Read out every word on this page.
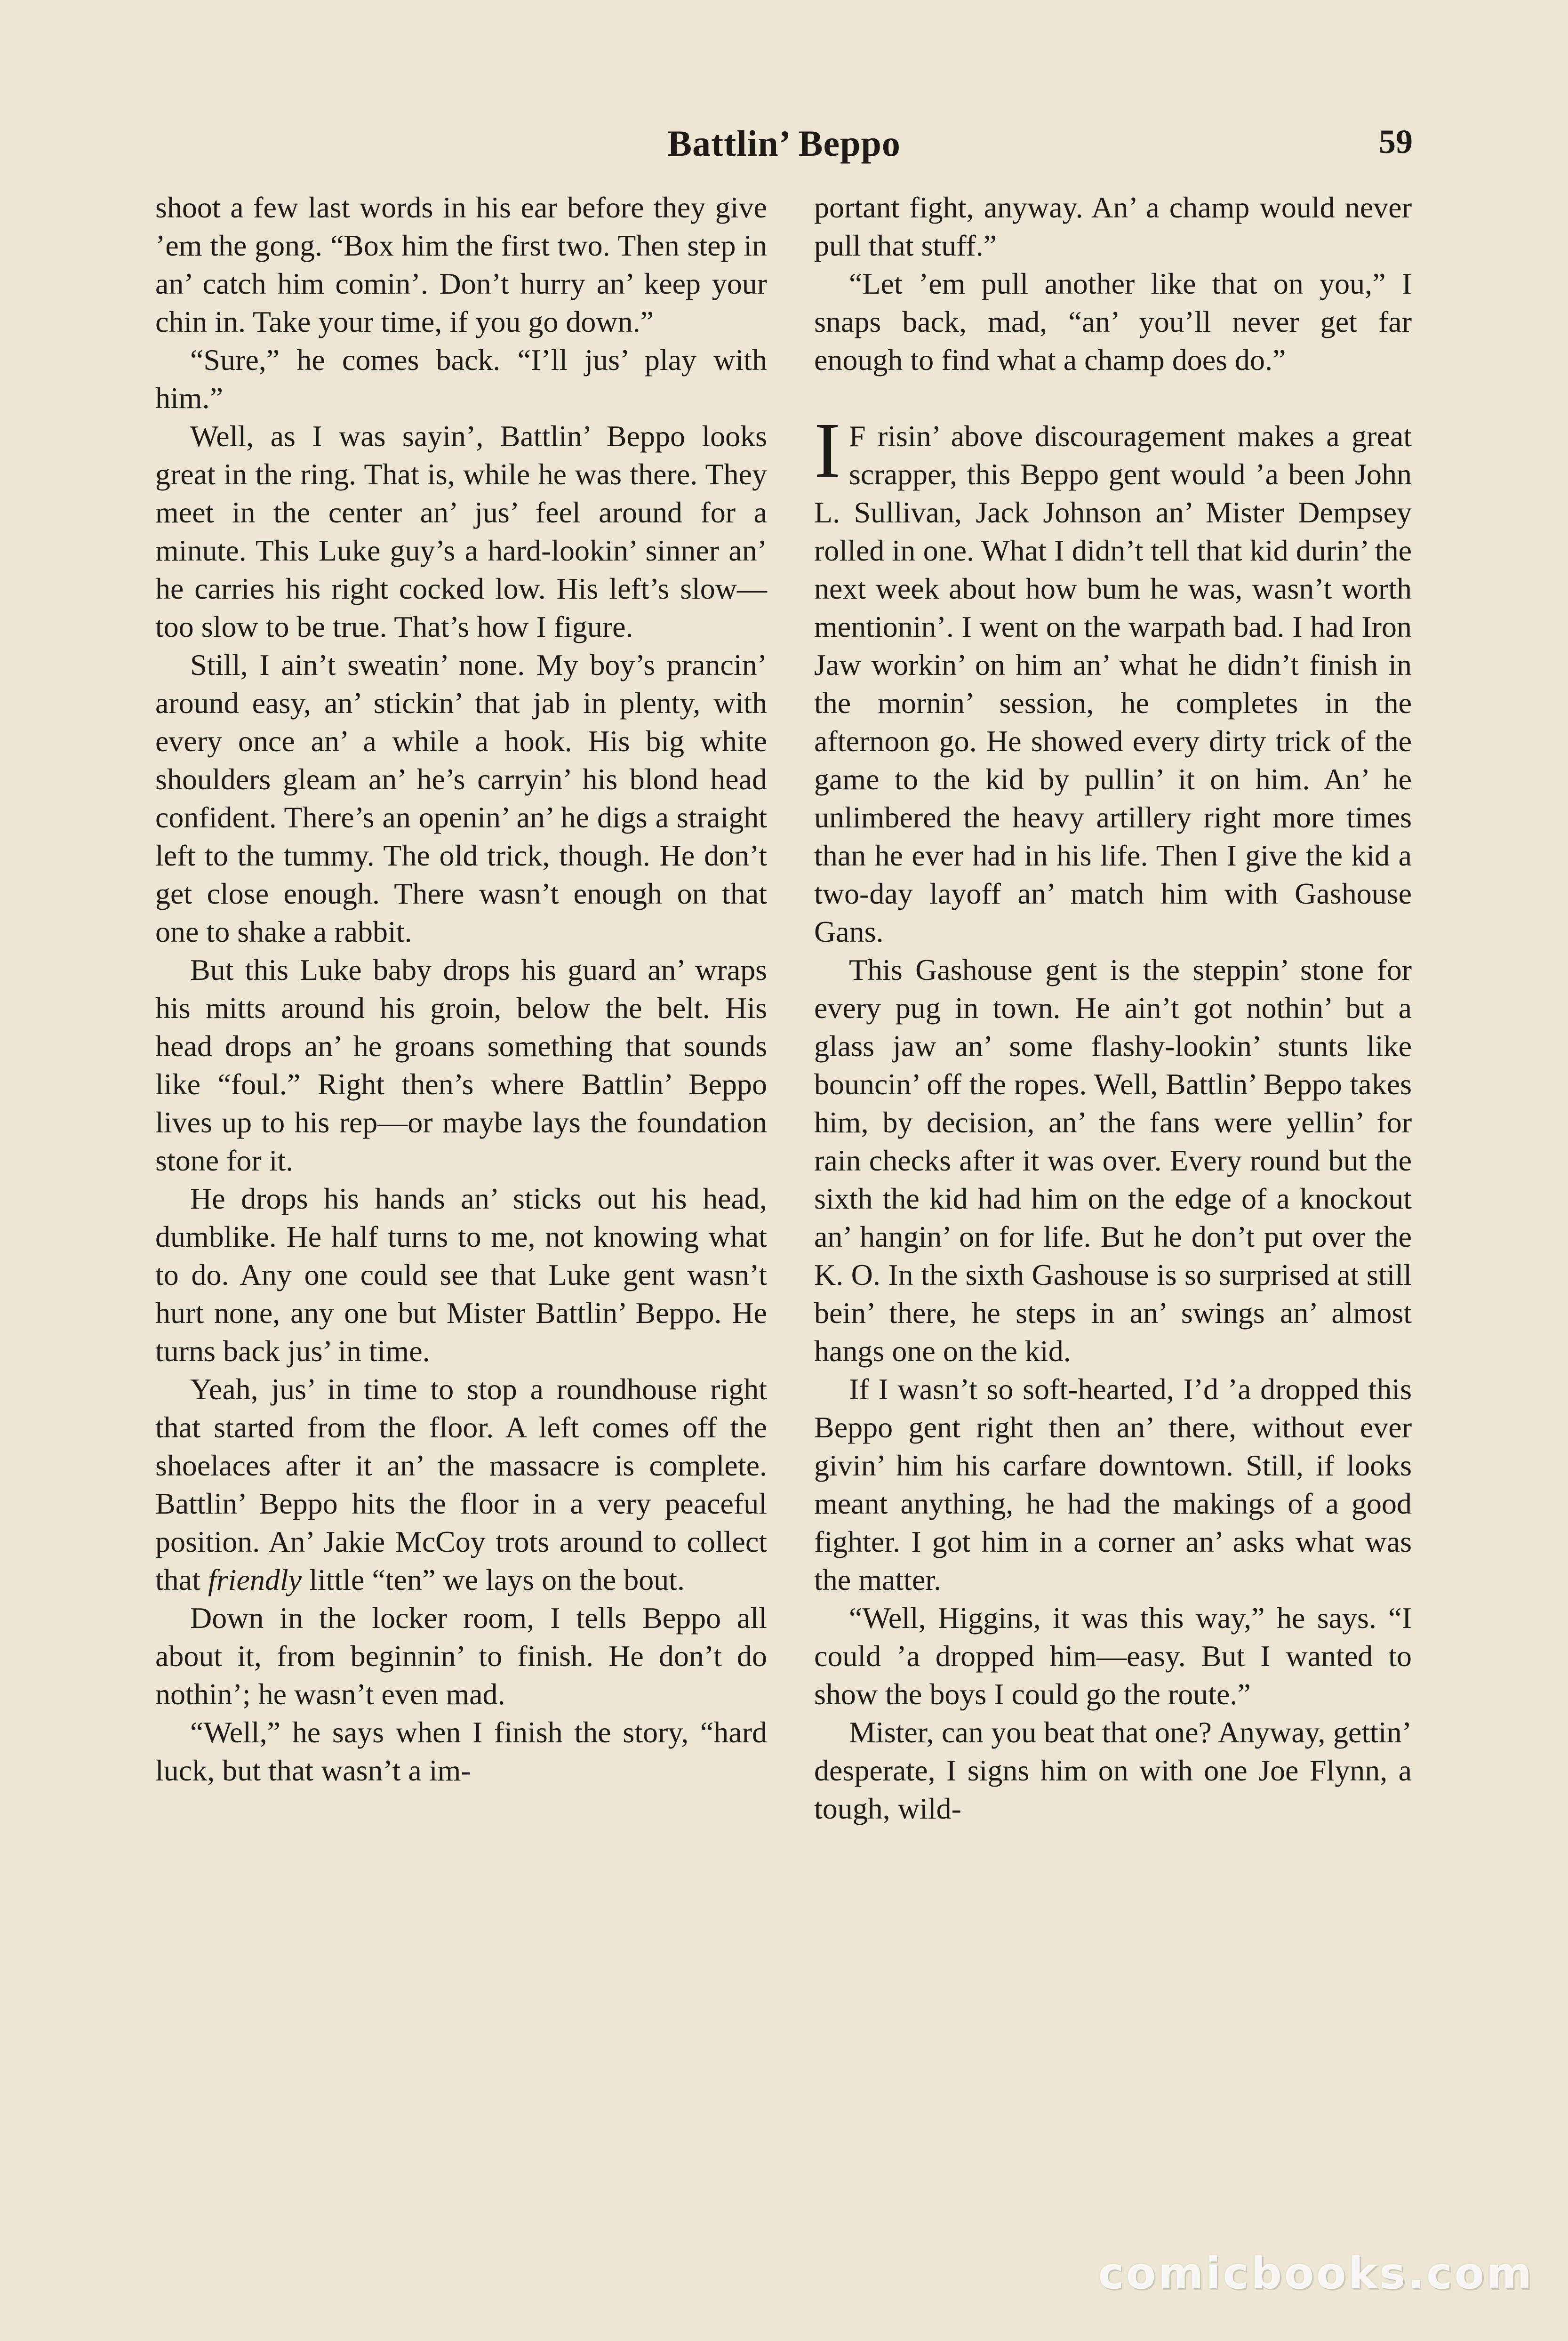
Battlin’ Beppo	59

shoot a few last words in his ear before they give ’em the gong. “Box him the first two. Then step in an’ catch him comin’. Don’t hurry an’ keep your chin in. Take your time, if you go down.”

“Sure,” he comes back. “I’ll jus’ play with him.”

Well, as I was sayin’, Battlin’ Beppo looks great in the ring. That is, while he was there. They meet in the center an’ jus’ feel around for a minute. This Luke guy’s a hard-lookin’ sinner an’ he carries his right cocked low. His left’s slow—too slow to be true. That’s how I figure.

Still, I ain’t sweatin’ none. My boy’s prancin’ around easy, an’ stickin’ that jab in plenty, with every once an’ a while a hook. His big white shoulders gleam an’ he’s carryin’ his blond head confident. There’s an openin’ an’ he digs a straight left to the tummy. The old trick, though. He don’t get close enough. There wasn’t enough on that one to shake a rabbit.

But this Luke baby drops his guard an’ wraps his mitts around his groin, below the belt. His head drops an’ he groans something that sounds like “foul.” Right then’s where Battlin’ Beppo lives up to his rep—or maybe lays the foundation stone for it.

He drops his hands an’ sticks out his head, dumblike. He half turns to me, not knowing what to do. Any one could see that Luke gent wasn’t hurt none, any one but Mister Battlin’ Beppo. He turns back jus’ in time.

Yeah, jus’ in time to stop a roundhouse right that started from the floor. A left comes off the shoelaces after it an’ the massacre is complete. Battlin’ Beppo hits the floor in a very peaceful position. An’ Jakie McCoy trots around to collect that friendly little “ten” we lays on the bout.

Down in the locker room, I tells Beppo all about it, from beginnin’ to finish. He don’t do nothin’; he wasn’t even mad.

“Well,” he says when I finish the story, “hard luck, but that wasn’t a im-

portant fight, anyway. An’ a champ would never pull that stuff.”

“Let ’em pull another like that on you,” I snaps back, mad, “an’ you’ll never get far enough to find what a champ does do.”

I F risin’ above discouragement makes a great scrapper, this Beppo gent would ’a been John L. Sullivan, Jack Johnson an’ Mister Dempsey rolled in one. What I didn’t tell that kid durin’ the next week about how bum he was, wasn’t worth mentionin’. I went on the warpath bad. I had Iron Jaw workin’ on him an’ what he didn’t finish in the mornin’ session, he completes in the afternoon go. He showed every dirty trick of the game to the kid by pullin’ it on him. An’ he unlimbered the heavy artillery right more times than he ever had in his life. Then I give the kid a two-day layoff an’ match him with Gashouse Gans.

This Gashouse gent is the steppin’ stone for every pug in town. He ain’t got nothin’ but a glass jaw an’ some flashy-lookin’ stunts like bouncin’ off the ropes. Well, Battlin’ Beppo takes him, by decision, an’ the fans were yellin’ for rain checks after it was over. Every round but the sixth the kid had him on the edge of a knockout an’ hangin’ on for life. But he don’t put over the K. O. In the sixth Gashouse is so surprised at still bein’ there, he steps in an’ swings an’ almost hangs one on the kid.

If I wasn’t so soft-hearted, I’d ’a dropped this Beppo gent right then an’ there, without ever givin’ him his carfare downtown. Still, if looks meant anything, he had the makings of a good fighter. I got him in a corner an’ asks what was the matter.

“Well, Higgins, it was this way,” he says. “I could ’a dropped him—easy. But I wanted to show the boys I could go the route.”

Mister, can you beat that one? Anyway, gettin’ desperate, I signs him on with one Joe Flynn, a tough, wild-

comicbooks.com
